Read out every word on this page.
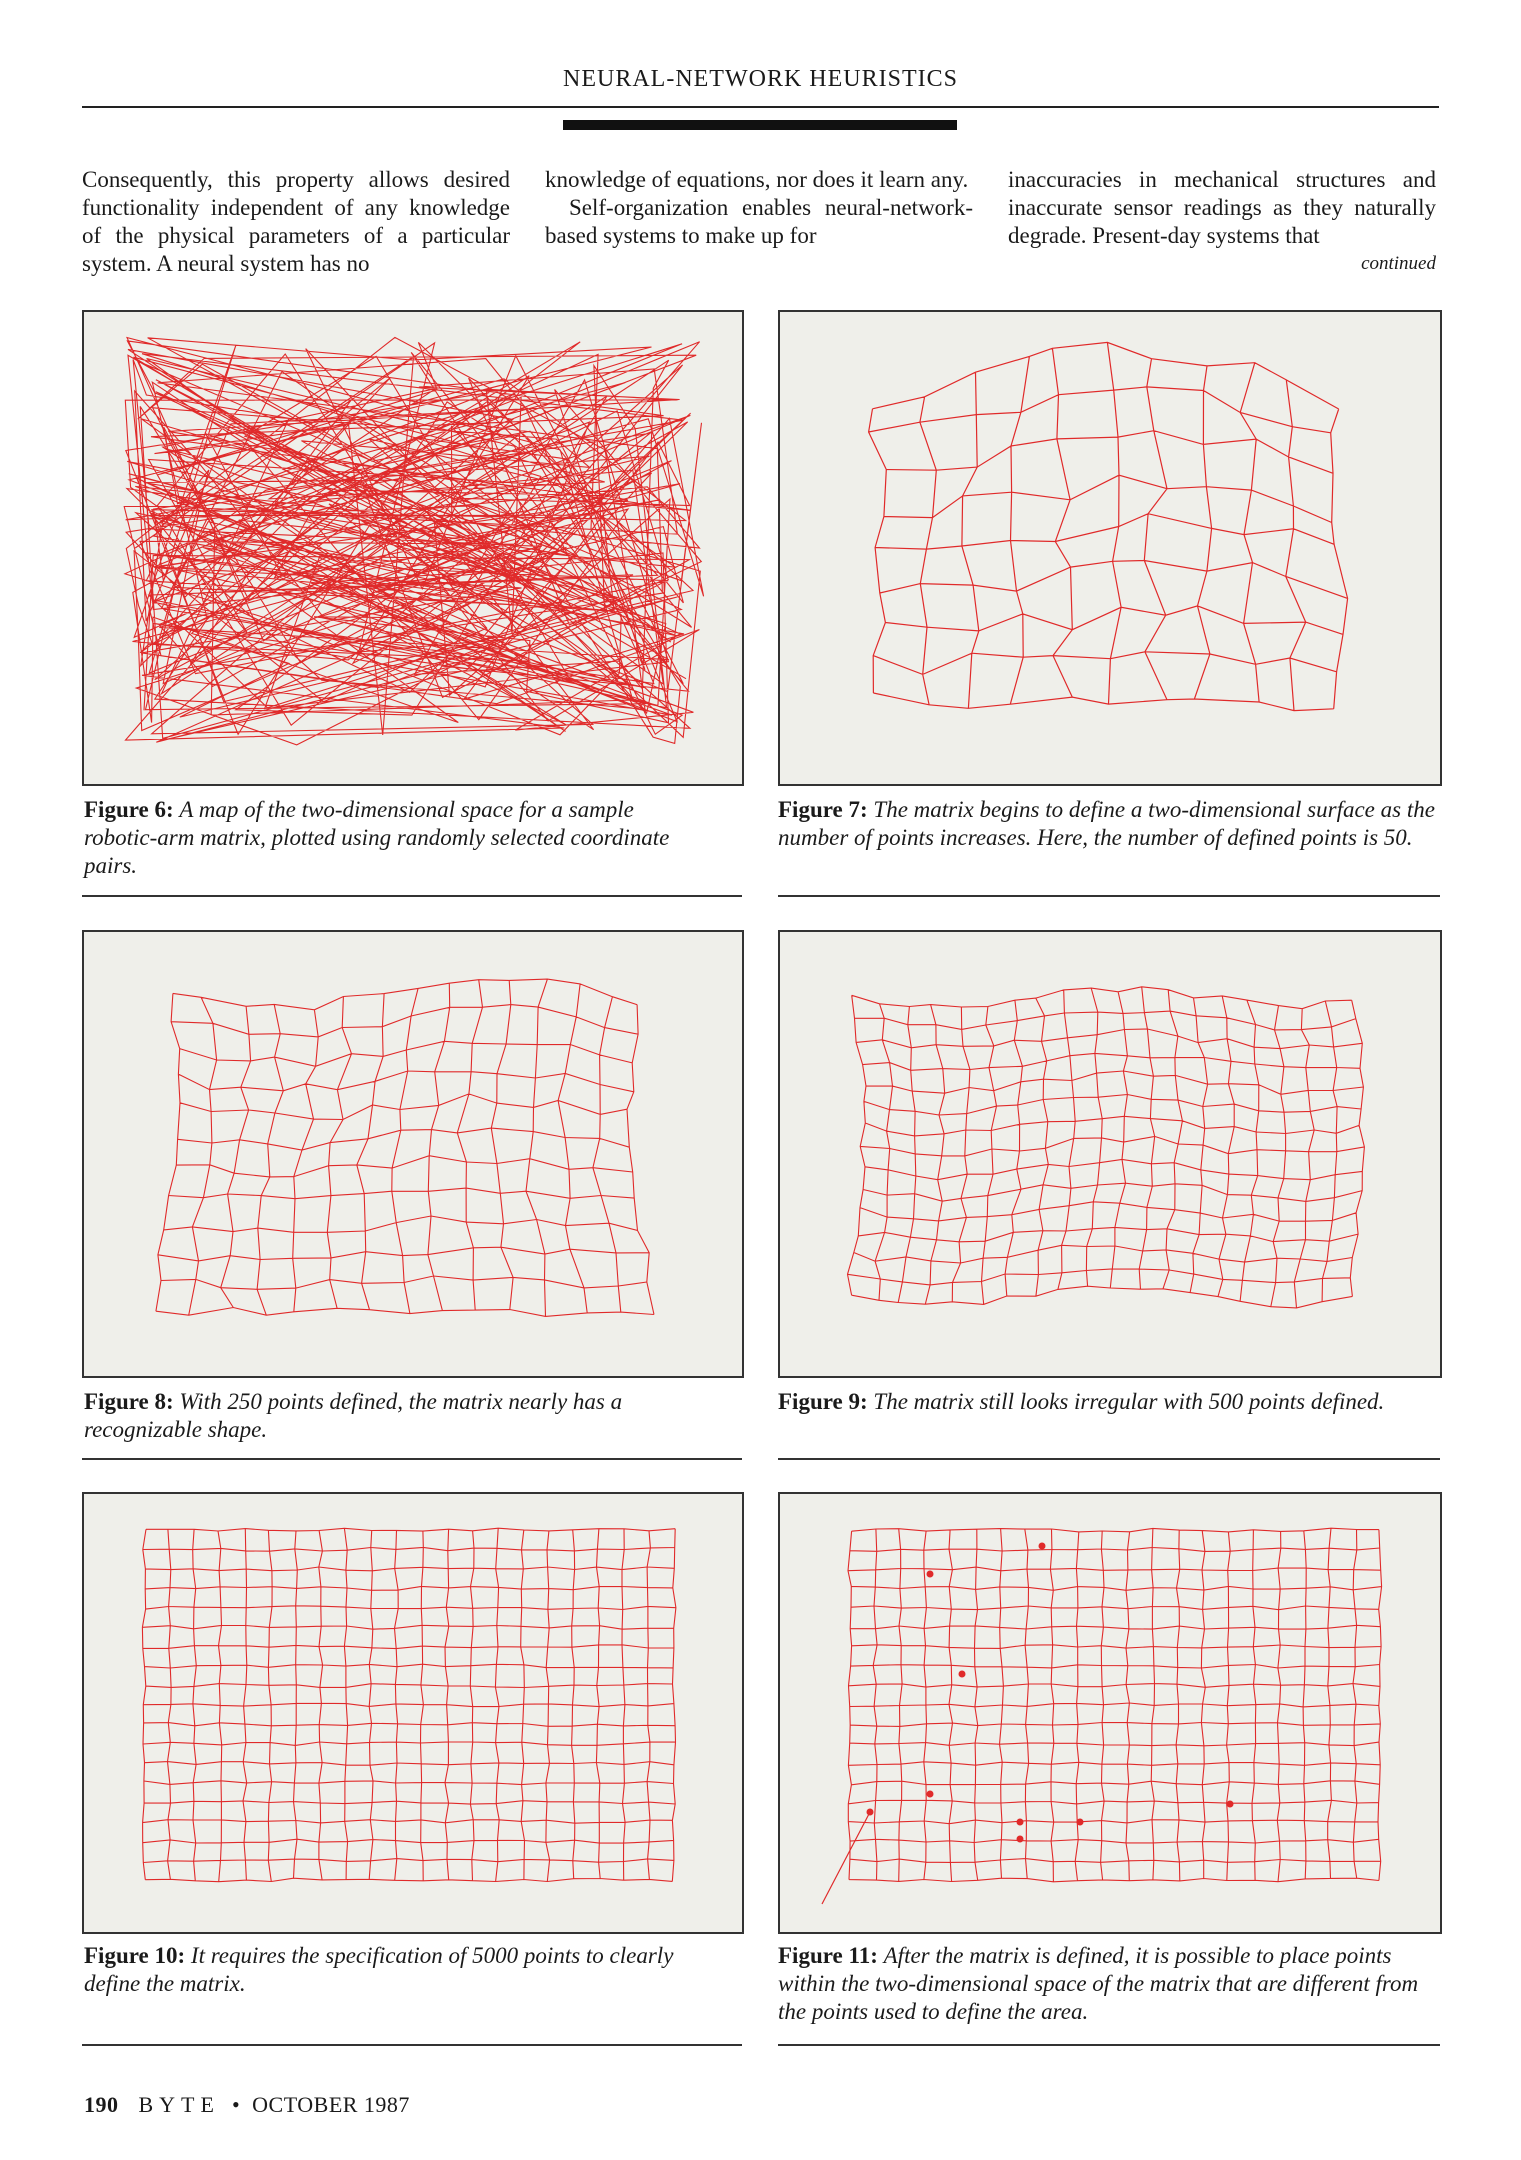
NEURAL-NETWORK HEURISTICS

Consequently, this property allows desired functionality independent of any knowledge of the physical parameters of a particular system. A neural system has no

knowledge of equations, nor does it learn any.

Self-organization enables neural-network-based systems to make up for

inaccuracies in mechanical structures and inaccurate sensor readings as they naturally degrade. Present-day systems that

continued
Figure 6: A map of the two-dimensional space for a sample robotic-arm matrix, plotted using randomly selected coordinate pairs.
Figure 7: The matrix begins to define a two-dimensional surface as the number of points increases. Here, the number of defined points is 50.
Figure 8: With 250 points defined, the matrix nearly has a recognizable shape.
Figure 9: The matrix still looks irregular with 500 points defined.
Figure 10: It requires the specification of 5000 points to clearly define the matrix.
Figure 11: After the matrix is defined, it is possible to place points within the two-dimensional space of the matrix that are different from the points used to define the area.
190 BYTE • OCTOBER 1987
